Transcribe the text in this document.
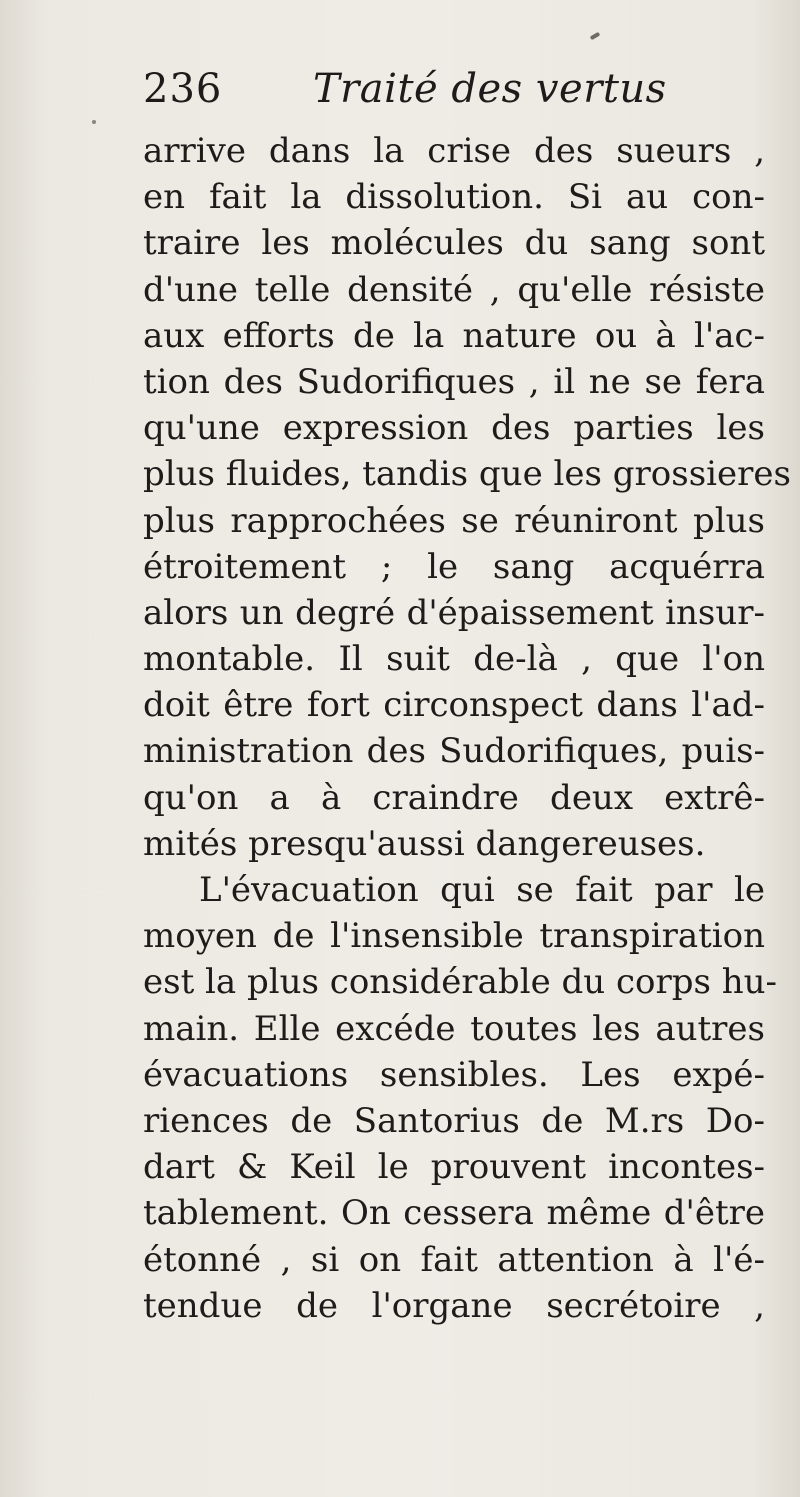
236 Traité des vertus
arrive dans la crise des sueurs ,
en fait la dissolution. Si au con-
traire les molécules du sang sont
d'une telle densité , qu'elle résiste
aux efforts de la nature ou à l'ac-
tion des Sudorifiques , il ne se fera
qu'une expression des parties les
plus fluides, tandis que les grossieres
plus rapprochées se réuniront plus
étroitement ; le sang acquérra
alors un degré d'épaissement insur-
montable. Il suit de-là , que l'on
doit être fort circonspect dans l'ad-
ministration des Sudorifiques, puis-
qu'on a à craindre deux extrê-
mités presqu'aussi dangereuses.
L'évacuation qui se fait par le
moyen de l'insensible transpiration
est la plus considérable du corps hu-
main. Elle excéde toutes les autres
évacuations sensibles. Les expé-
riences de Santorius de M.rs Do-
dart & Keil le prouvent incontes-
tablement. On cessera même d'être
étonné , si on fait attention à l'é-
tendue de l'organe secrétoire ,
